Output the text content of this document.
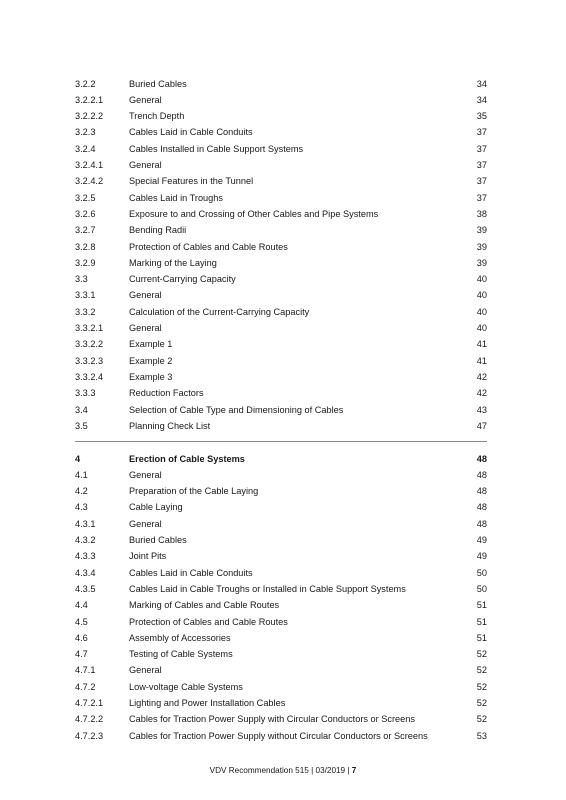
3.2.2	Buried Cables	34
3.2.2.1	General	34
3.2.2.2	Trench Depth	35
3.2.3	Cables Laid in Cable Conduits	37
3.2.4	Cables Installed in Cable Support Systems	37
3.2.4.1	General	37
3.2.4.2	Special Features in the Tunnel	37
3.2.5	Cables Laid in Troughs	37
3.2.6	Exposure to and Crossing of Other Cables and Pipe Systems	38
3.2.7	Bending Radii	39
3.2.8	Protection of Cables and Cable Routes	39
3.2.9	Marking of the Laying	39
3.3	Current-Carrying Capacity	40
3.3.1	General	40
3.3.2	Calculation of the Current-Carrying Capacity	40
3.3.2.1	General	40
3.3.2.2	Example 1	41
3.3.2.3	Example 2	41
3.3.2.4	Example 3	42
3.3.3	Reduction Factors	42
3.4	Selection of Cable Type and Dimensioning of Cables	43
3.5	Planning Check List	47
4	Erection of Cable Systems	48
4.1	General	48
4.2	Preparation of the Cable Laying	48
4.3	Cable Laying	48
4.3.1	General	48
4.3.2	Buried Cables	49
4.3.3	Joint Pits	49
4.3.4	Cables Laid in Cable Conduits	50
4.3.5	Cables Laid in Cable Troughs or Installed in Cable Support Systems	50
4.4	Marking of Cables and Cable Routes	51
4.5	Protection of Cables and Cable Routes	51
4.6	Assembly of Accessories	51
4.7	Testing of Cable Systems	52
4.7.1	General	52
4.7.2	Low-voltage Cable Systems	52
4.7.2.1	Lighting and Power Installation Cables	52
4.7.2.2	Cables for Traction Power Supply with Circular Conductors or Screens	52
4.7.2.3	Cables for Traction Power Supply without Circular Conductors or Screens	53
VDV Recommendation 515 | 03/2019 | 7
